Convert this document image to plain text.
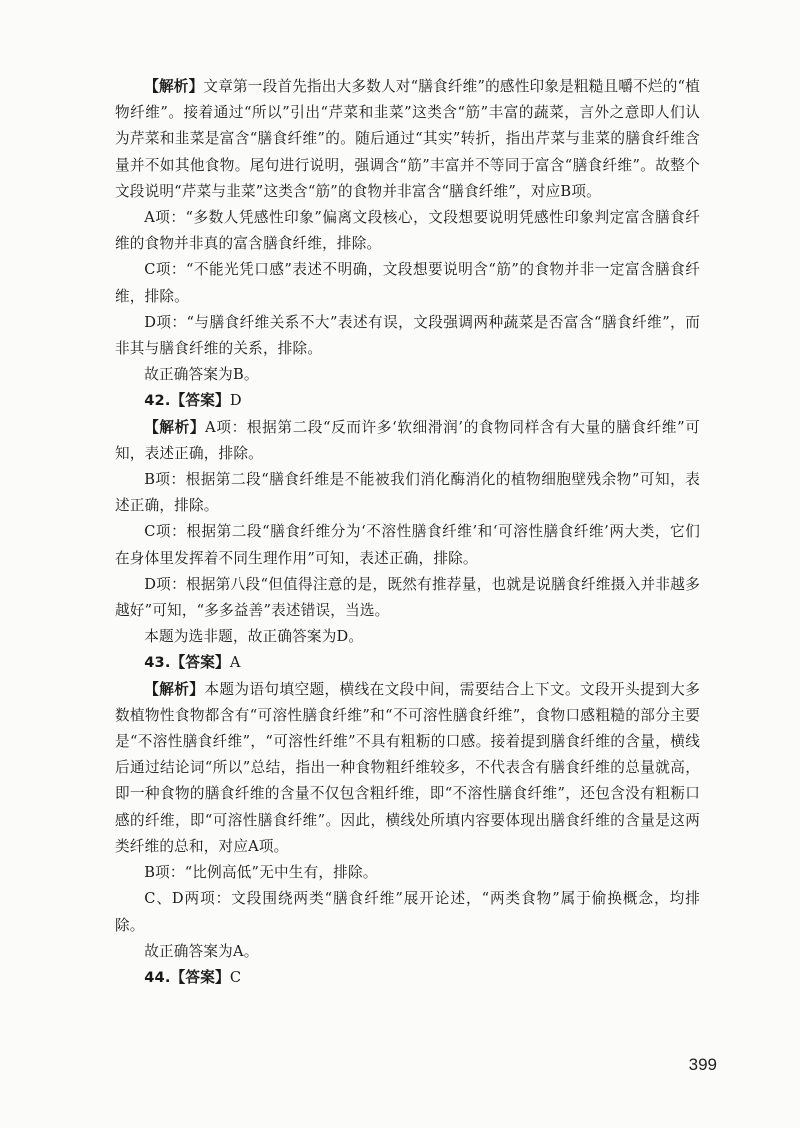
【解析】文章第一段首先指出大多数人对“膳食纤维”的感性印象是粗糙且嚼不烂的“植物纤维”。接着通过“所以”引出“芹菜和韭菜”这类含“筋”丰富的蔬菜，言外之意即人们认为芹菜和韭菜是富含“膳食纤维”的。随后通过“其实”转折，指出芹菜与韭菜的膳食纤维含量并不如其他食物。尾句进行说明，强调含“筋”丰富并不等同于富含“膳食纤维”。故整个文段说明“芹菜与韭菜”这类含“筋”的食物并非富含“膳食纤维”，对应B项。

A项：“多数人凭感性印象”偏离文段核心，文段想要说明凭感性印象判定富含膳食纤维的食物并非真的富含膳食纤维，排除。

C项：“不能光凭口感”表述不明确，文段想要说明含“筋”的食物并非一定富含膳食纤维，排除。

D项：“与膳食纤维关系不大”表述有误，文段强调两种蔬菜是否富含“膳食纤维”，而非其与膳食纤维的关系，排除。

故正确答案为B。

42.【答案】D

【解析】A项：根据第二段“反而许多‘软细滑润’的食物同样含有大量的膳食纤维”可知，表述正确，排除。

B项：根据第二段“膳食纤维是不能被我们消化酶消化的植物细胞壁残余物”可知，表述正确，排除。

C项：根据第二段“膳食纤维分为‘不溶性膳食纤维’和‘可溶性膳食纤维’两大类，它们在身体里发挥着不同生理作用”可知，表述正确，排除。

D项：根据第八段“但值得注意的是，既然有推荐量，也就是说膳食纤维摄入并非越多越好”可知，“多多益善”表述错误，当选。

本题为选非题，故正确答案为D。

43.【答案】A

【解析】本题为语句填空题，横线在文段中间，需要结合上下文。文段开头提到大多数植物性食物都含有“可溶性膳食纤维”和“不可溶性膳食纤维”，食物口感粗糙的部分主要是“不溶性膳食纤维”，“可溶性纤维”不具有粗粝的口感。接着提到膳食纤维的含量，横线后通过结论词“所以”总结，指出一种食物粗纤维较多，不代表含有膳食纤维的总量就高，即一种食物的膳食纤维的含量不仅包含粗纤维，即“不溶性膳食纤维”，还包含没有粗粝口感的纤维，即“可溶性膳食纤维”。因此，横线处所填内容要体现出膳食纤维的含量是这两类纤维的总和，对应A项。

B项：“比例高低”无中生有，排除。

C、D两项：文段围绕两类“膳食纤维”展开论述，“两类食物”属于偷换概念，均排除。

故正确答案为A。

44.【答案】C

399
